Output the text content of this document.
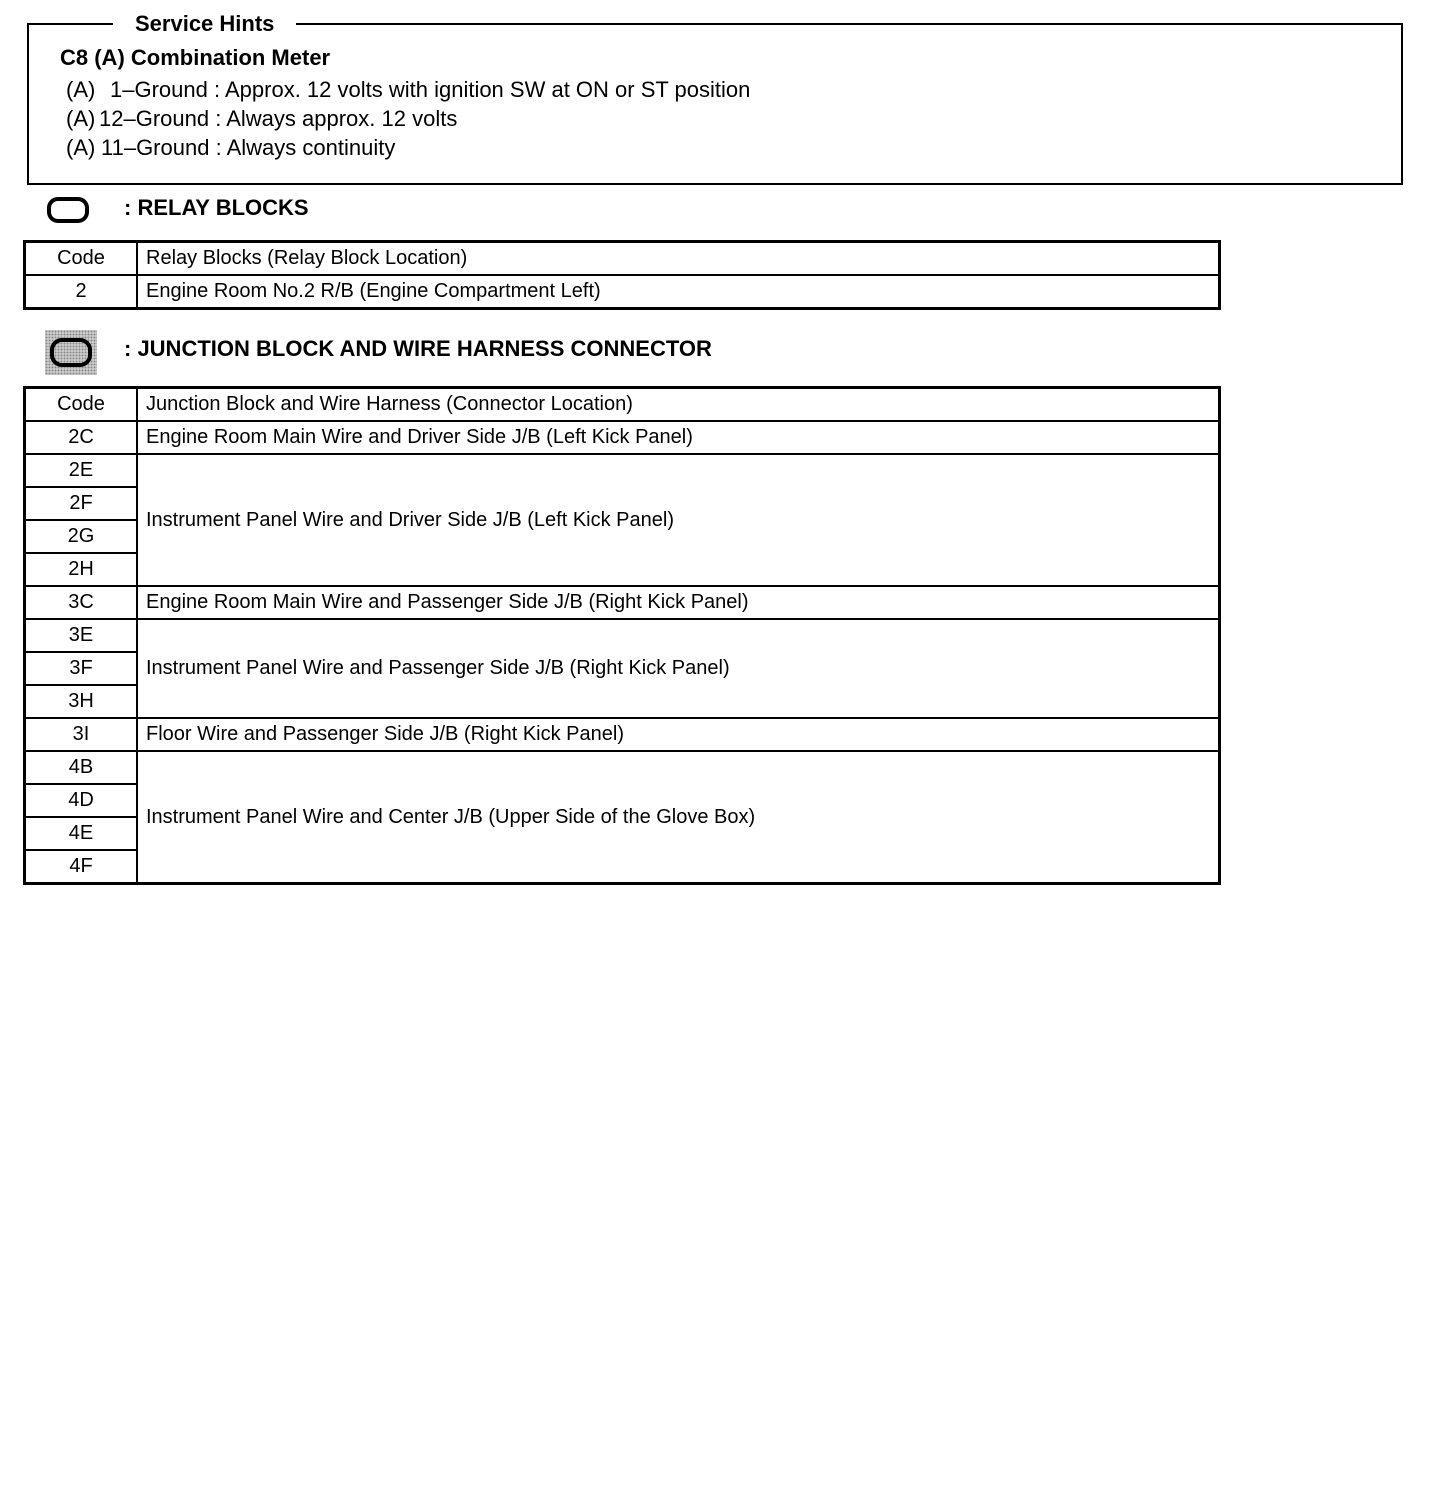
Service Hints
C8 (A) Combination Meter
(A) 1–Ground : Approx. 12 volts with ignition SW at ON or ST position
(A) 12–Ground : Always approx. 12 volts
(A) 11–Ground : Always continuity
: RELAY BLOCKS
Code	Relay Blocks (Relay Block Location)
2	Engine Room No.2 R/B (Engine Compartment Left)
: JUNCTION BLOCK AND WIRE HARNESS CONNECTOR
Code	Junction Block and Wire Harness (Connector Location)
2C	Engine Room Main Wire and Driver Side J/B (Left Kick Panel)
2E	Instrument Panel Wire and Driver Side J/B (Left Kick Panel)
2F	
2G	
2H	
3C	Engine Room Main Wire and Passenger Side J/B (Right Kick Panel)
3E	Instrument Panel Wire and Passenger Side J/B (Right Kick Panel)
3F	
3H	
3I	Floor Wire and Passenger Side J/B (Right Kick Panel)
4B	Instrument Panel Wire and Center J/B (Upper Side of the Glove Box)
4D	
4E	
4F	
